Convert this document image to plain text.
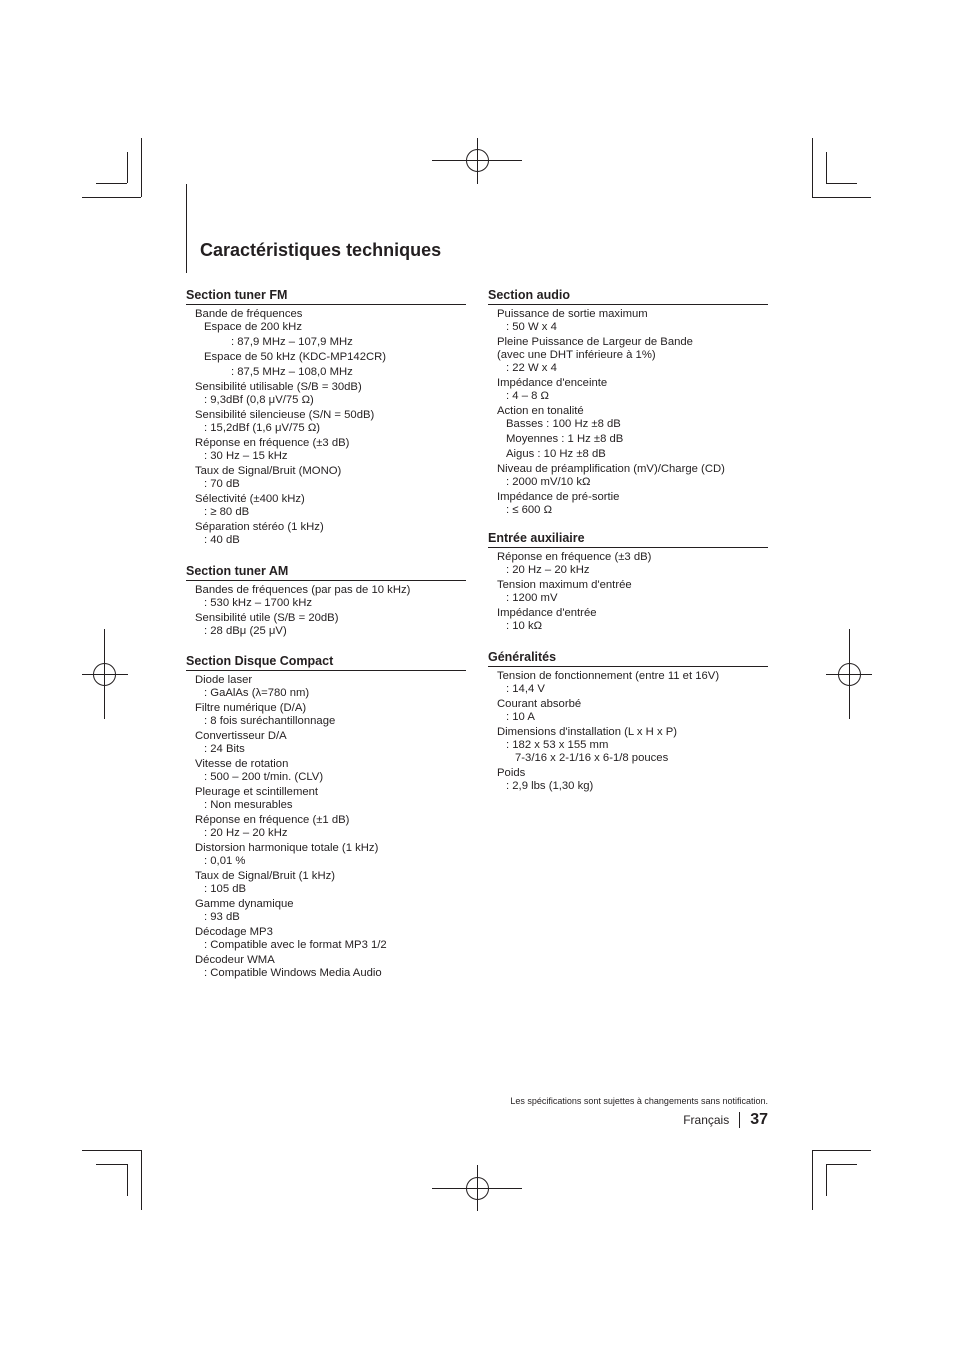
Caractéristiques techniques
Section tuner FM
Bande de fréquences
Espace de 200 kHz
: 87,9 MHz – 107,9 MHz
Espace de 50 kHz (KDC-MP142CR)
: 87,5 MHz – 108,0 MHz
Sensibilité utilisable (S/B = 30dB)
: 9,3dBf (0,8 μV/75 Ω)
Sensibilité silencieuse (S/N = 50dB)
: 15,2dBf (1,6 μV/75 Ω)
Réponse en fréquence (±3 dB)
: 30 Hz – 15 kHz
Taux de Signal/Bruit (MONO)
: 70 dB
Sélectivité (±400 kHz)
: ≥ 80 dB
Séparation stéréo (1 kHz)
: 40 dB
Section tuner AM
Bandes de fréquences (par pas de 10 kHz)
: 530 kHz – 1700 kHz
Sensibilité utile (S/B = 20dB)
: 28 dBμ (25 μV)
Section Disque Compact
Diode laser
: GaAlAs (λ=780 nm)
Filtre numérique (D/A)
: 8 fois suréchantillonnage
Convertisseur D/A
: 24 Bits
Vitesse de rotation
: 500 – 200 t/min. (CLV)
Pleurage et scintillement
: Non mesurables
Réponse en fréquence (±1 dB)
: 20 Hz – 20 kHz
Distorsion harmonique totale (1 kHz)
: 0,01 %
Taux de Signal/Bruit (1 kHz)
: 105 dB
Gamme dynamique
: 93 dB
Décodage MP3
: Compatible avec le format MP3 1/2
Décodeur WMA
: Compatible Windows Media Audio
Section audio
Puissance de sortie maximum
: 50 W x 4
Pleine Puissance de Largeur de Bande
(avec une DHT inférieure à 1%)
: 22 W x 4
Impédance d'enceinte
: 4 – 8 Ω
Action en tonalité
Basses : 100 Hz ±8 dB
Moyennes : 1 Hz ±8 dB
Aigus : 10 Hz ±8 dB
Niveau de préamplification (mV)/Charge (CD)
: 2000 mV/10 kΩ
Impédance de pré-sortie
: ≤ 600 Ω
Entrée auxiliaire
Réponse en fréquence (±3 dB)
: 20 Hz – 20 kHz
Tension maximum d'entrée
: 1200 mV
Impédance d'entrée
: 10 kΩ
Généralités
Tension de fonctionnement (entre 11 et 16V)
: 14,4 V
Courant absorbé
: 10 A
Dimensions d'installation (L x H x P)
: 182 x 53 x 155 mm
7-3/16 x 2-1/16 x 6-1/8 pouces
Poids
: 2,9 lbs (1,30 kg)
Les spécifications sont sujettes à changements sans notification.
Français 37
